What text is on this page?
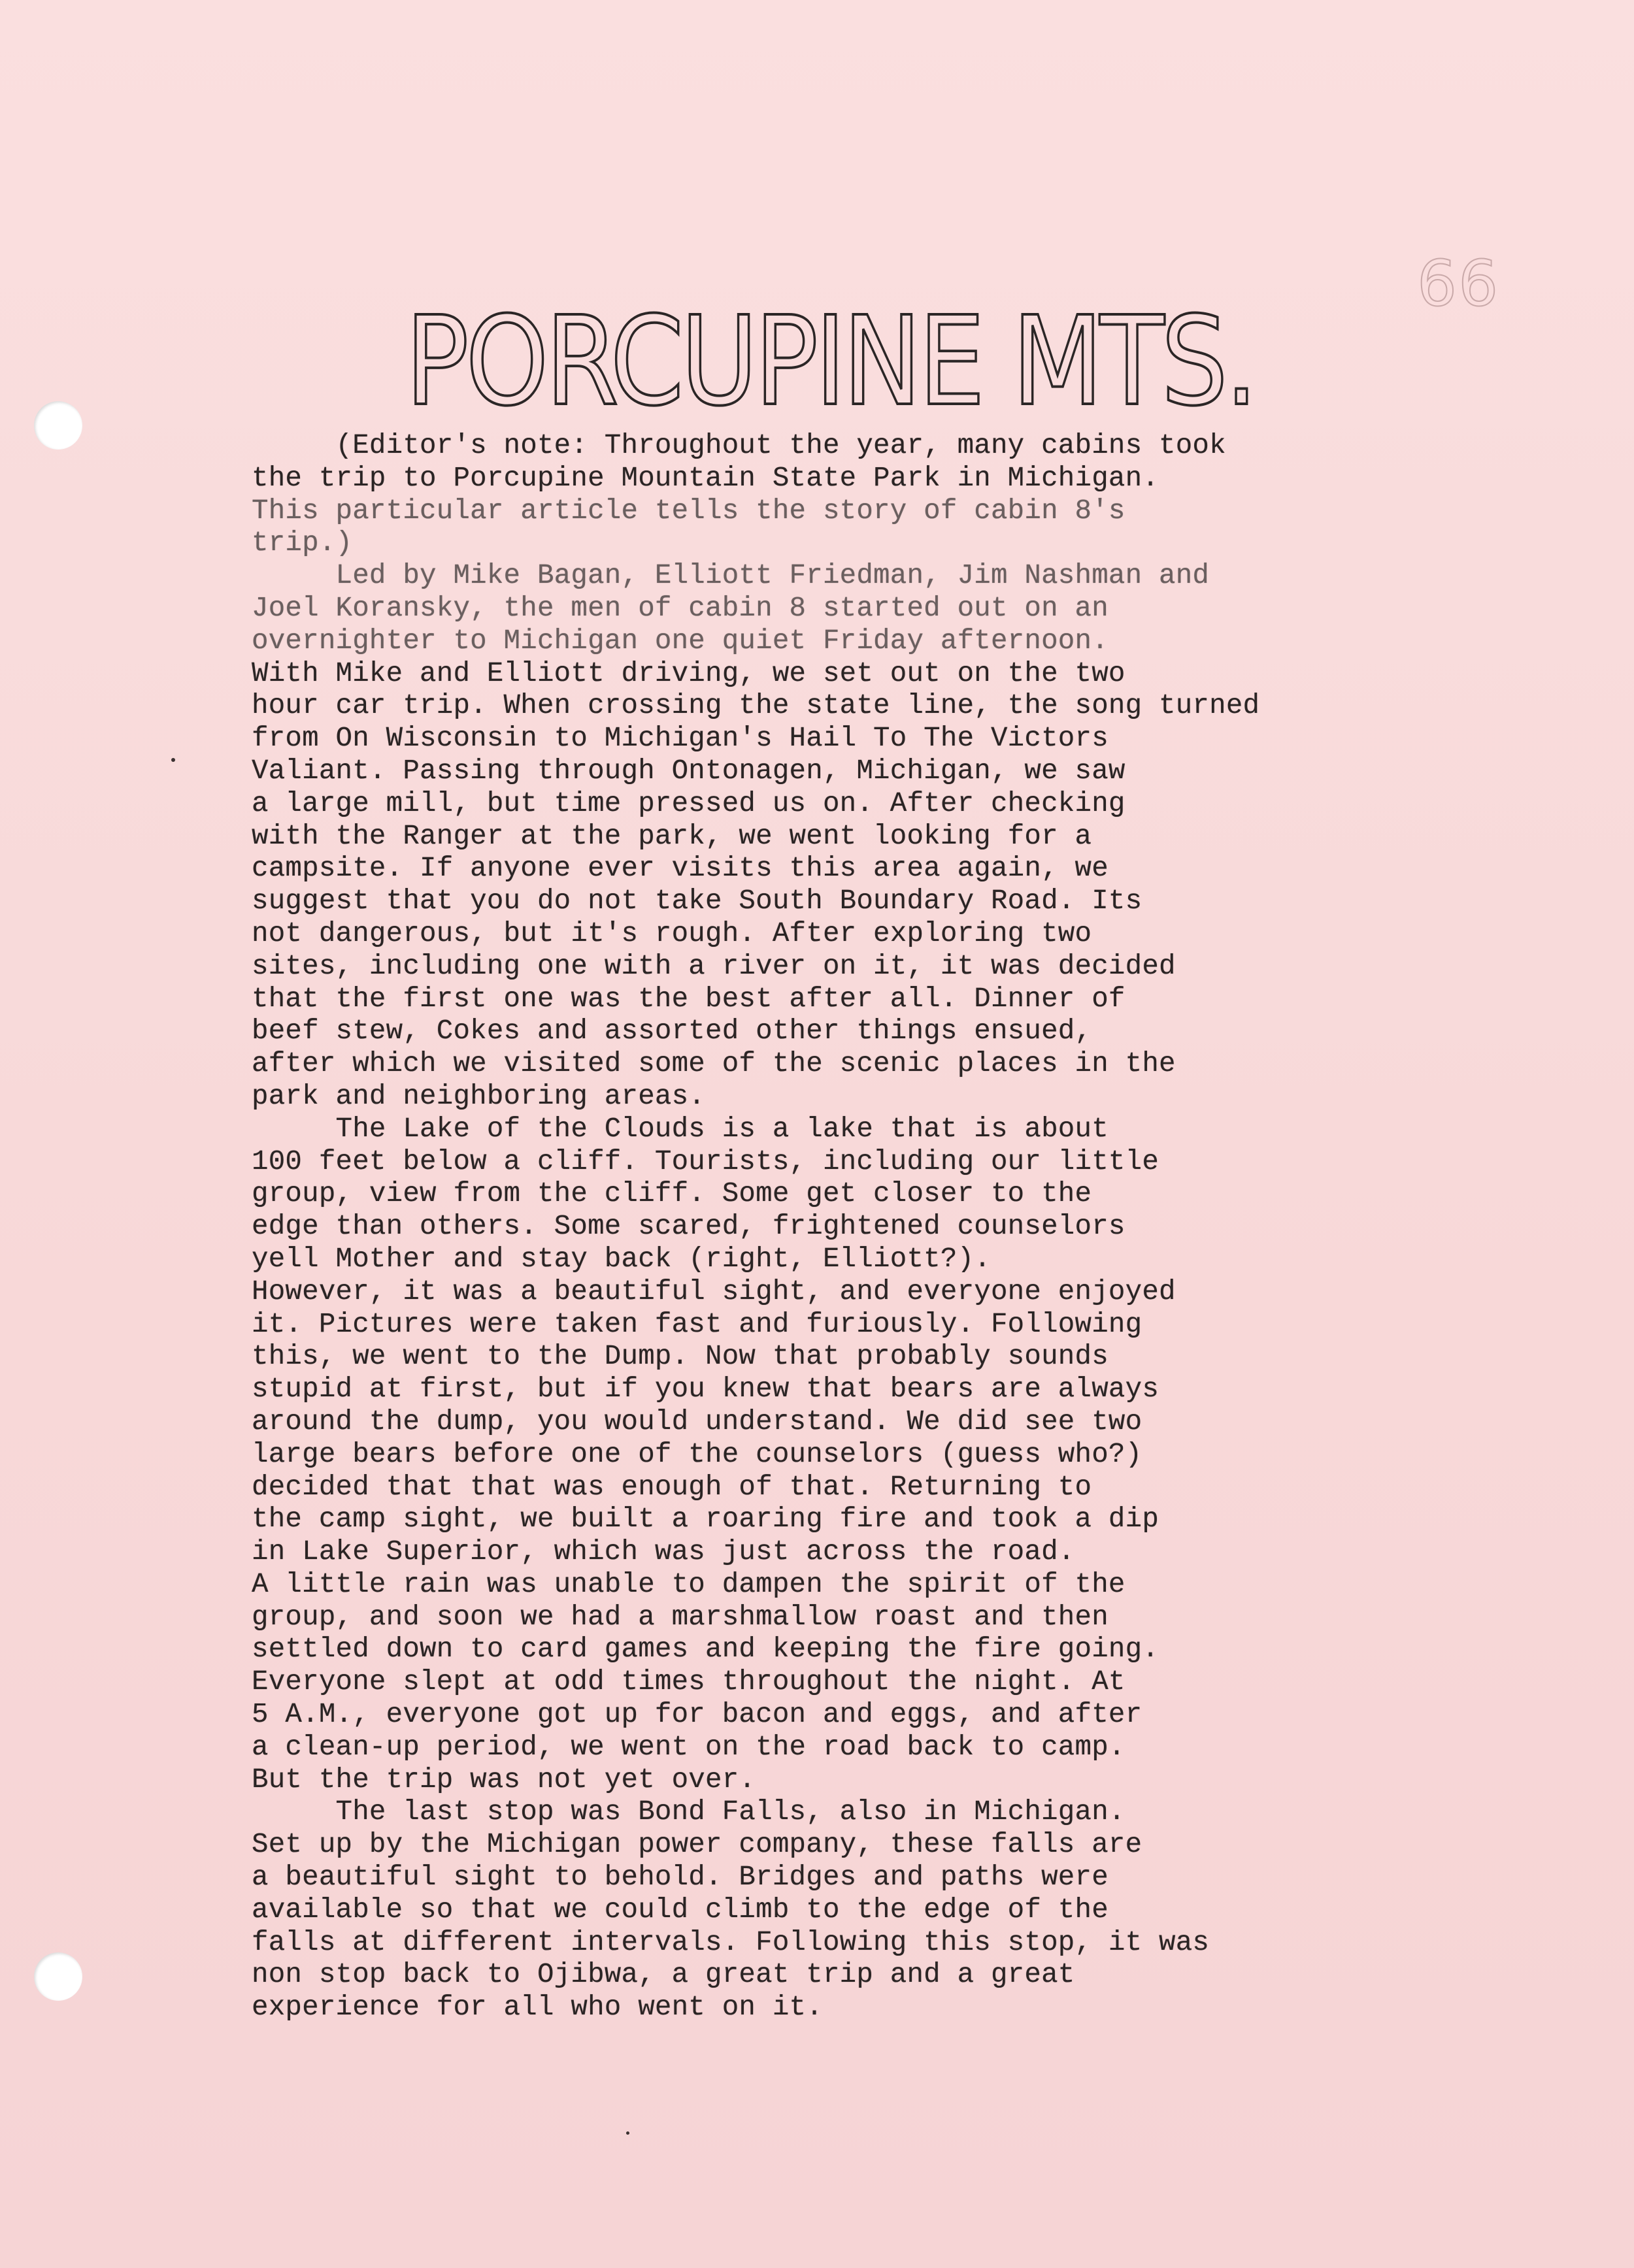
66
PORCUPINE MTS.
(Editor's note: Throughout the year, many cabins took
the trip to Porcupine Mountain State Park in Michigan.
This particular article tells the story of cabin 8's
trip.)
Led by Mike Bagan, Elliott Friedman, Jim Nashman and
Joel Koransky, the men of cabin 8 started out on an
overnighter to Michigan one quiet Friday afternoon.
With Mike and Elliott driving, we set out on the two
hour car trip. When crossing the state line, the song turned
from On Wisconsin to Michigan's Hail To The Victors
Valiant. Passing through Ontonagen, Michigan, we saw
a large mill, but time pressed us on. After checking
with the Ranger at the park, we went looking for a
campsite. If anyone ever visits this area again, we
suggest that you do not take South Boundary Road. Its
not dangerous, but it's rough. After exploring two
sites, including one with a river on it, it was decided
that the first one was the best after all. Dinner of
beef stew, Cokes and assorted other things ensued,
after which we visited some of the scenic places in the
park and neighboring areas.
The Lake of the Clouds is a lake that is about
100 feet below a cliff. Tourists, including our little
group, view from the cliff. Some get closer to the
edge than others. Some scared, frightened counselors
yell Mother and stay back (right, Elliott?).
However, it was a beautiful sight, and everyone enjoyed
it. Pictures were taken fast and furiously. Following
this, we went to the Dump. Now that probably sounds
stupid at first, but if you knew that bears are always
around the dump, you would understand. We did see two
large bears before one of the counselors (guess who?)
decided that that was enough of that. Returning to
the camp sight, we built a roaring fire and took a dip
in Lake Superior, which was just across the road.
A little rain was unable to dampen the spirit of the
group, and soon we had a marshmallow roast and then
settled down to card games and keeping the fire going.
Everyone slept at odd times throughout the night. At
5 A.M., everyone got up for bacon and eggs, and after
a clean-up period, we went on the road back to camp.
But the trip was not yet over.
The last stop was Bond Falls, also in Michigan.
Set up by the Michigan power company, these falls are
a beautiful sight to behold. Bridges and paths were
available so that we could climb to the edge of the
falls at different intervals. Following this stop, it was
non stop back to Ojibwa, a great trip and a great
experience for all who went on it.
